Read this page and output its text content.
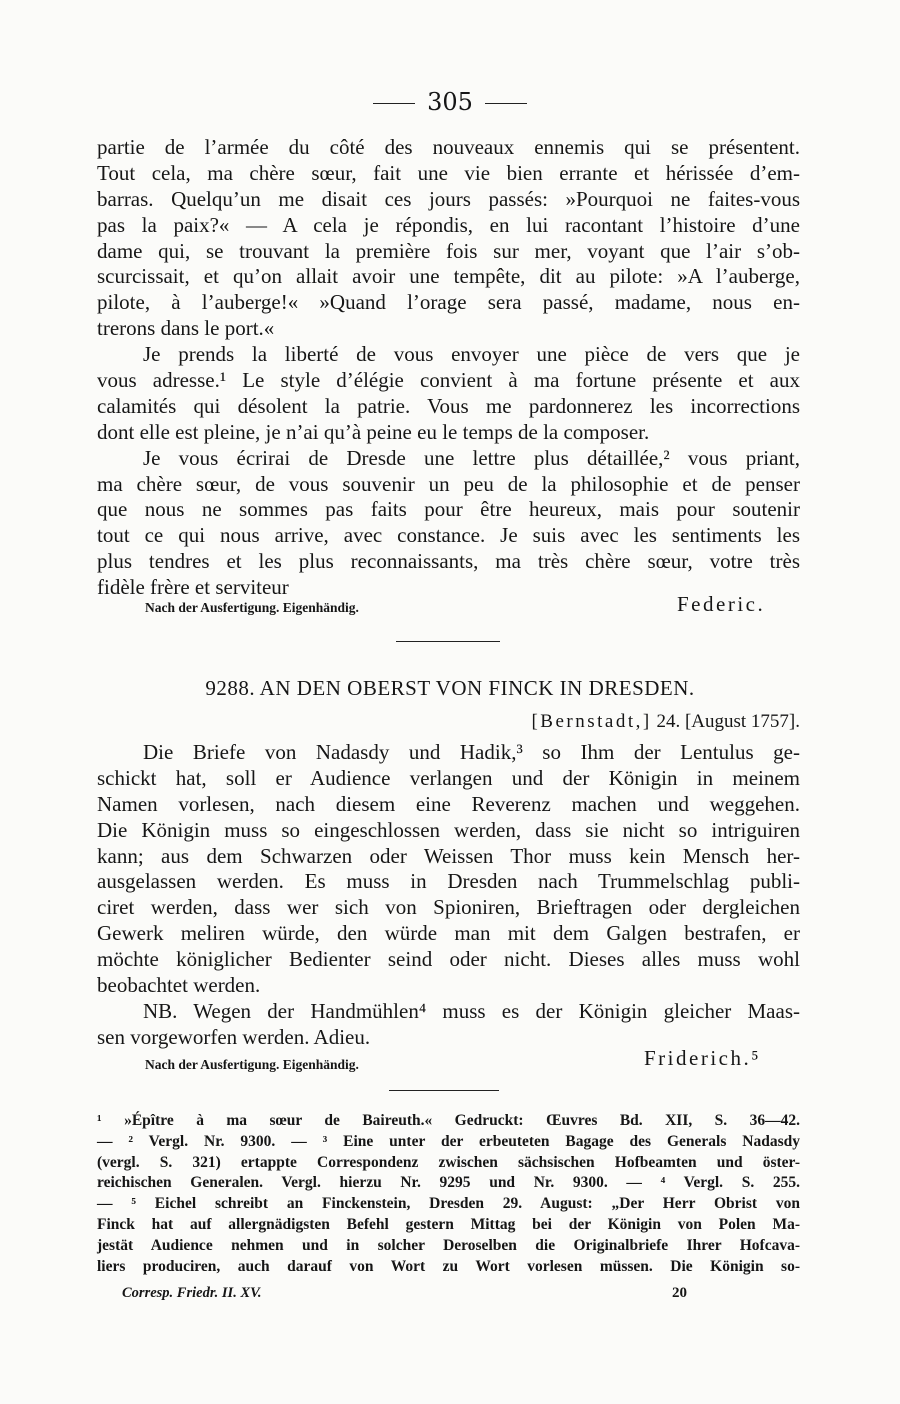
305
partie de l’armée du côté des nouveaux ennemis qui se présentent.
Tout cela, ma chère sœur, fait une vie bien errante et hérissée d’em-
barras. Quelqu’un me disait ces jours passés: »Pourquoi ne faites-vous
pas la paix?« — A cela je répondis, en lui racontant l’histoire d’une
dame qui, se trouvant la première fois sur mer, voyant que l’air s’ob-
scurcissait, et qu’on allait avoir une tempête, dit au pilote: »A l’auberge,
pilote, à l’auberge!« »Quand l’orage sera passé, madame, nous en-
trerons dans le port.«
Je prends la liberté de vous envoyer une pièce de vers que je
vous adresse.¹ Le style d’élégie convient à ma fortune présente et aux
calamités qui désolent la patrie. Vous me pardonnerez les incorrections
dont elle est pleine, je n’ai qu’à peine eu le temps de la composer.
Je vous écrirai de Dresde une lettre plus détaillée,² vous priant,
ma chère sœur, de vous souvenir un peu de la philosophie et de penser
que nous ne sommes pas faits pour être heureux, mais pour soutenir
tout ce qui nous arrive, avec constance. Je suis avec les sentiments les
plus tendres et les plus reconnaissants, ma très chère sœur, votre très
fidèle frère et serviteur
Nach der Ausfertigung. Eigenhändig.	Federic.
9288. AN DEN OBERST VON FINCK IN DRESDEN.
[Bernstadt,] 24. [August 1757].
Die Briefe von Nadasdy und Hadik,³ so Ihm der Lentulus ge-
schickt hat, soll er Audience verlangen und der Königin in meinem
Namen vorlesen, nach diesem eine Reverenz machen und weggehen.
Die Königin muss so eingeschlossen werden, dass sie nicht so intriguiren
kann; aus dem Schwarzen oder Weissen Thor muss kein Mensch her-
ausgelassen werden. Es muss in Dresden nach Trummelschlag publi-
ciret werden, dass wer sich von Spioniren, Brieftragen oder dergleichen
Gewerk meliren würde, den würde man mit dem Galgen bestrafen, er
möchte königlicher Bedienter seind oder nicht. Dieses alles muss wohl
beobachtet werden.
NB. Wegen der Handmühlen⁴ muss es der Königin gleicher Maas-
sen vorgeworfen werden. Adieu.
Nach der Ausfertigung. Eigenhändig.	Friderich.⁵
¹ »Épître à ma sœur de Baireuth.« Gedruckt: Œuvres Bd. XII, S. 36—42.
— ² Vergl. Nr. 9300. — ³ Eine unter der erbeuteten Bagage des Generals Nadasdy
(vergl. S. 321) ertappte Correspondenz zwischen sächsischen Hofbeamten und öster-
reichischen Generalen. Vergl. hierzu Nr. 9295 und Nr. 9300. — ⁴ Vergl. S. 255.
— ⁵ Eichel schreibt an Finckenstein, Dresden 29. August: „Der Herr Obrist von
Finck hat auf allergnädigsten Befehl gestern Mittag bei der Königin von Polen Ma-
jestät Audience nehmen und in solcher Deroselben die Originalbriefe Ihrer Hofcava-
liers produciren, auch darauf von Wort zu Wort vorlesen müssen. Die Königin so-
Corresp. Friedr. II. XV.	20
